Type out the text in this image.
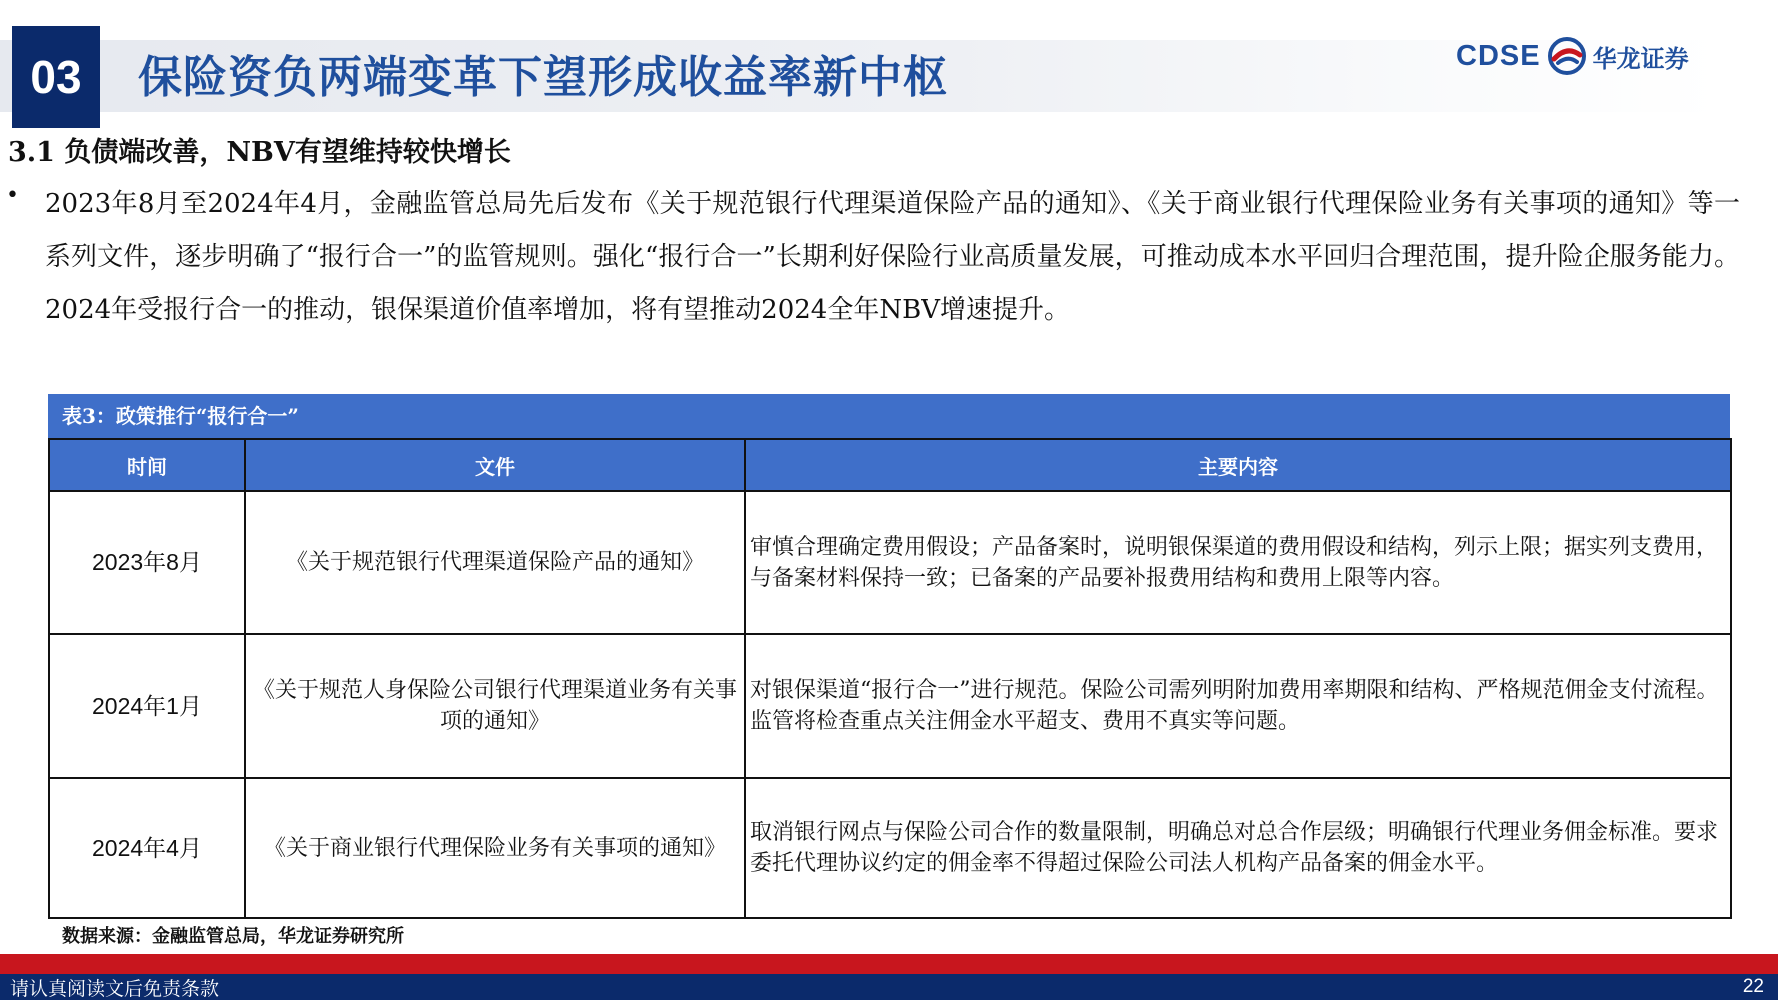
03 保险资负两端变革下望形成收益率新中枢	CDSE 华龙证券
3.1 负债端改善，NBV有望维持较快增长
• 2023年8月至2024年4月，金融监管总局先后发布《关于规范银行代理渠道保险产品的通知》、《关于商业银行代理保险业务有关事项的通知》等一系列文件，逐步明确了“报行合一”的监管规则。强化“报行合一”长期利好保险行业高质量发展，可推动成本水平回归合理范围，提升险企服务能力。2024年受报行合一的推动，银保渠道价值率增加，将有望推动2024全年NBV增速提升。
表3：政策推行“报行合一”
时间	文件	主要内容
2023年8月	《关于规范银行代理渠道保险产品的通知》	审慎合理确定费用假设；产品备案时，说明银保渠道的费用假设和结构，列示上限；据实列支费用，与备案材料保持一致；已备案的产品要补报费用结构和费用上限等内容。
2024年1月	《关于规范人身保险公司银行代理渠道业务有关事项的通知》	对银保渠道“报行合一”进行规范。保险公司需列明附加费用率期限和结构、严格规范佣金支付流程。监管将检查重点关注佣金水平超支、费用不真实等问题。
2024年4月	《关于商业银行代理保险业务有关事项的通知》	取消银行网点与保险公司合作的数量限制，明确总对总合作层级；明确银行代理业务佣金标准。要求委托代理协议约定的佣金率不得超过保险公司法人机构产品备案的佣金水平。
数据来源：金融监管总局，华龙证券研究所
请认真阅读文后免责条款	22
